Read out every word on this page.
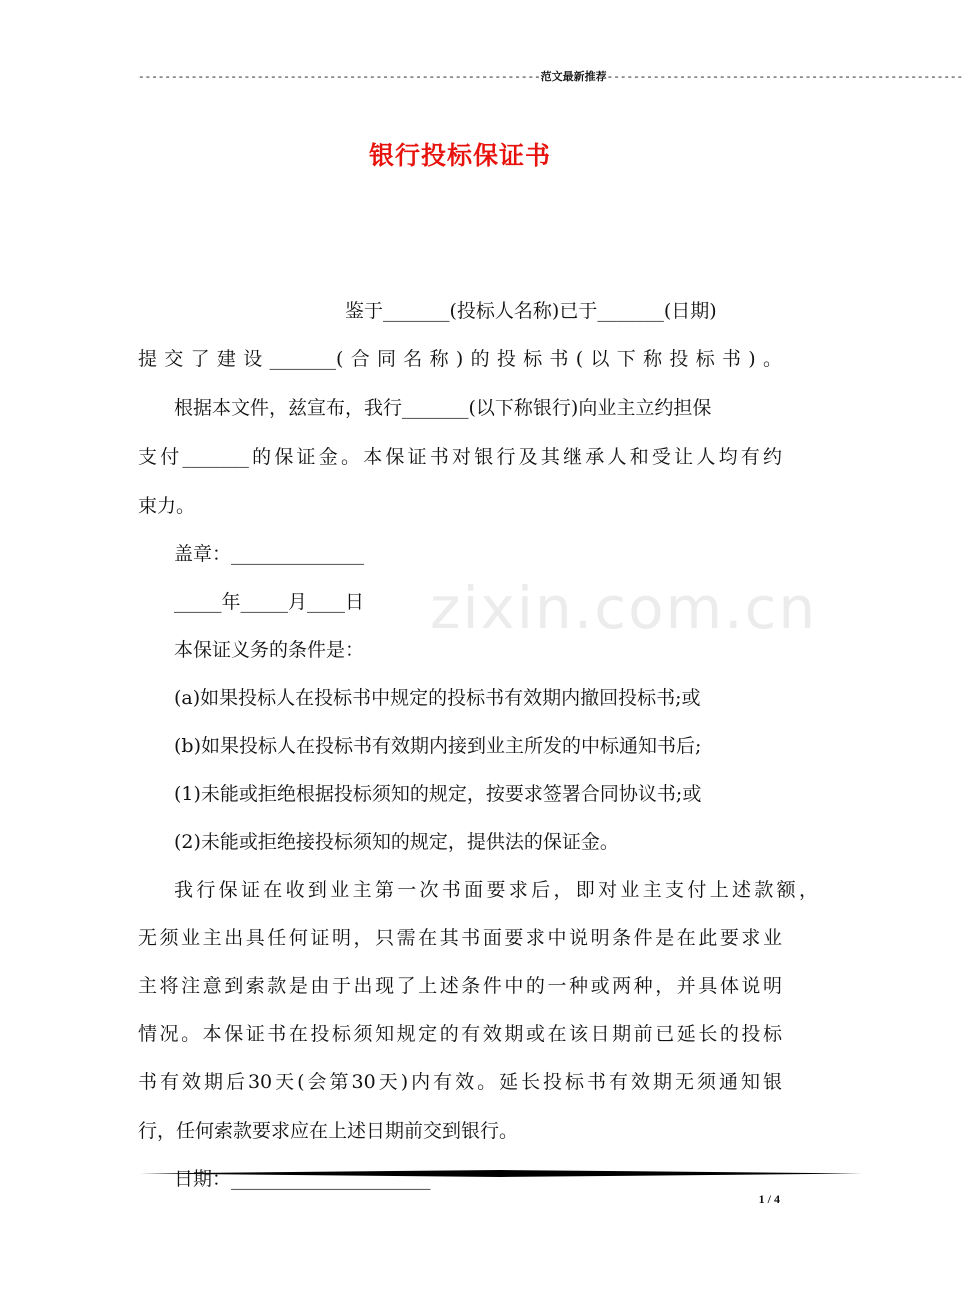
-------------------------------------------------------------范文最新推荐------------------------------------------------------
zixin.com.cn
银行投标保证书
鉴于_______(投标人名称)已于_______(日期)
提交了建设_______(合同名称)的投标书(以下称投标书)。
根据本文件，兹宣布，我行_______(以下称银行)向业主立约担保
支付_______的保证金。本保证书对银行及其继承人和受让人均有约
束力。
盖章：______________
_____年_____月____日
本保证义务的条件是：
(a)如果投标人在投标书中规定的投标书有效期内撤回投标书;或
(b)如果投标人在投标书有效期内接到业主所发的中标通知书后;
(1)未能或拒绝根据投标须知的规定，按要求签署合同协议书;或
(2)未能或拒绝接投标须知的规定，提供法的保证金。
我行保证在收到业主第一次书面要求后，即对业主支付上述款额，
无须业主出具任何证明，只需在其书面要求中说明条件是在此要求业
主将注意到索款是由于出现了上述条件中的一种或两种，并具体说明
情况。本保证书在投标须知规定的有效期或在该日期前已延长的投标
书有效期后30天(会第30天)内有效。延长投标书有效期无须通知银
行，任何索款要求应在上述日期前交到银行。
日期：_____________________
1 / 4
